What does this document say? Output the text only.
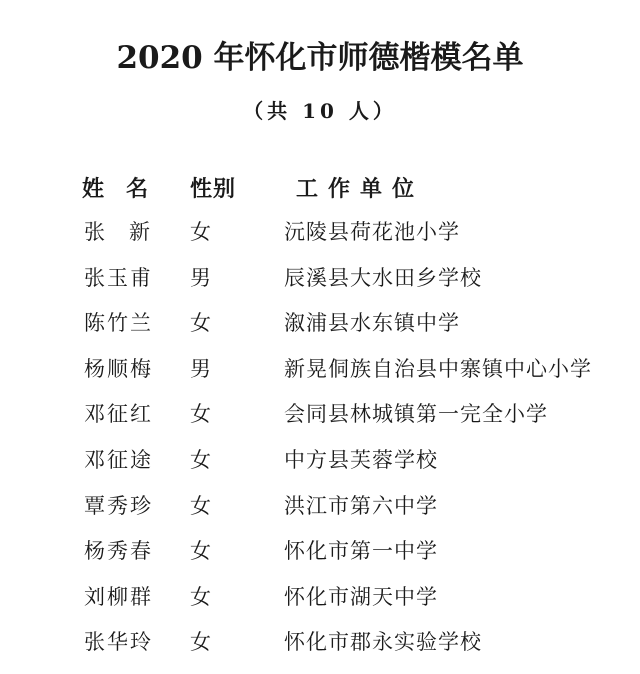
2020 年怀化市师德楷模名单
（共 10 人）
姓名 性别	工作单位
张新 女	沅陵县荷花池小学
张玉甫 男	辰溪县大水田乡学校
陈竹兰 女	溆浦县水东镇中学
杨顺梅 男	新晃侗族自治县中寨镇中心小学
邓征红 女	会同县林城镇第一完全小学
邓征途 女	中方县芙蓉学校
覃秀珍 女	洪江市第六中学
杨秀春 女	怀化市第一中学
刘柳群 女	怀化市湖天中学
张华玲 女	怀化市郡永实验学校
